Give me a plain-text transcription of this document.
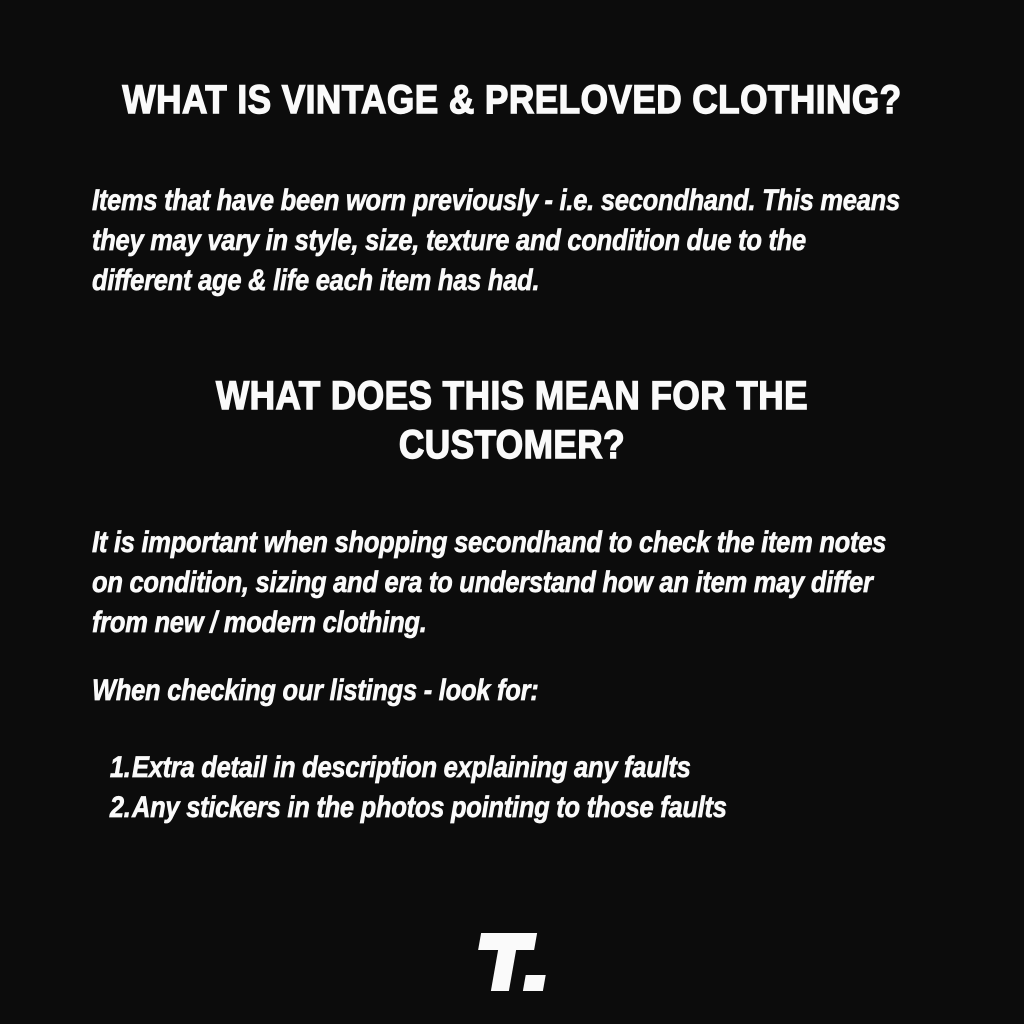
WHAT IS VINTAGE & PRELOVED CLOTHING?

Items that have been worn previously - i.e. secondhand. This means they may vary in style, size, texture and condition due to the different age & life each item has had.

WHAT DOES THIS MEAN FOR THE
CUSTOMER?

It is important when shopping secondhand to check the item notes on condition, sizing and era to understand how an item may differ from new / modern clothing.

When checking our listings - look for:

1. Extra detail in description explaining any faults
2. Any stickers in the photos pointing to those faults
